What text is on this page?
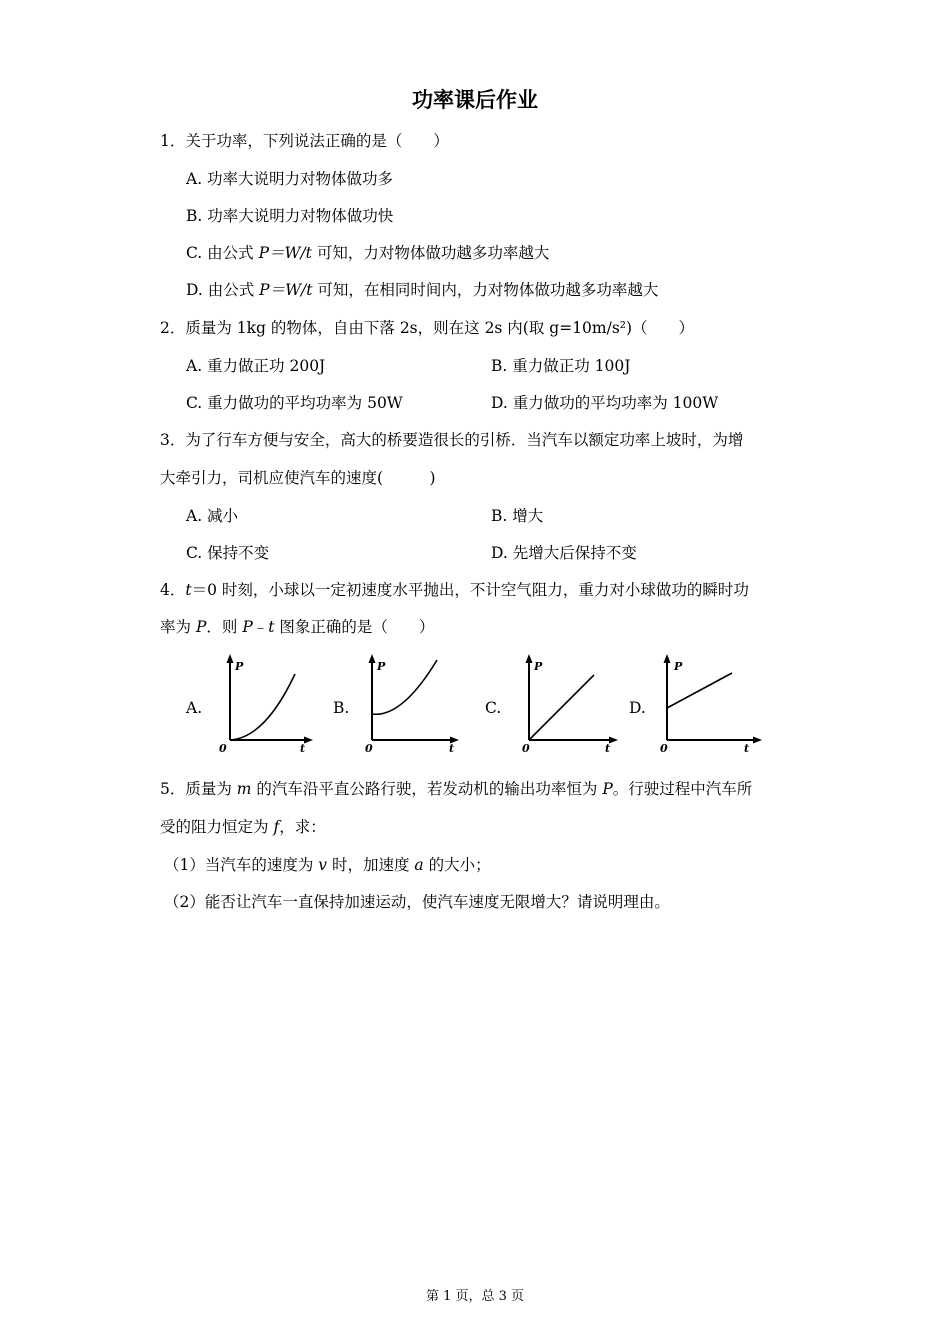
功率课后作业
1．关于功率，下列说法正确的是（　　）
A. 功率大说明力对物体做功多
B. 功率大说明力对物体做功快
C. 由公式 P＝W/t 可知，力对物体做功越多功率越大
D. 由公式 P＝W/t 可知，在相同时间内，力对物体做功越多功率越大
2．质量为 1kg 的物体，自由下落 2s，则在这 2s 内(取 g=10m/s²)（　　）
A. 重力做正功 200J	B. 重力做正功 100J
C. 重力做功的平均功率为 50W	D. 重力做功的平均功率为 100W
3．为了行车方便与安全，高大的桥要造很长的引桥．当汽车以额定功率上坡时，为增
大牵引力，司机应使汽车的速度(　　　)
A. 减小	B. 增大
C. 保持不变	D. 先增大后保持不变
4．t＝0 时刻，小球以一定初速度水平抛出，不计空气阻力，重力对小球做功的瞬时功
率为 P．则 P﹣t 图象正确的是（　　）
A.	B.	C.	D.
P
0	t
P
0	t
P
0	t
P
0	t
5．质量为 m 的汽车沿平直公路行驶，若发动机的输出功率恒为 P。行驶过程中汽车所
受的阻力恒定为 f，求：
（1）当汽车的速度为 v 时，加速度 a 的大小；
（2）能否让汽车一直保持加速运动，使汽车速度无限增大？请说明理由。
第 1 页，总 3 页
